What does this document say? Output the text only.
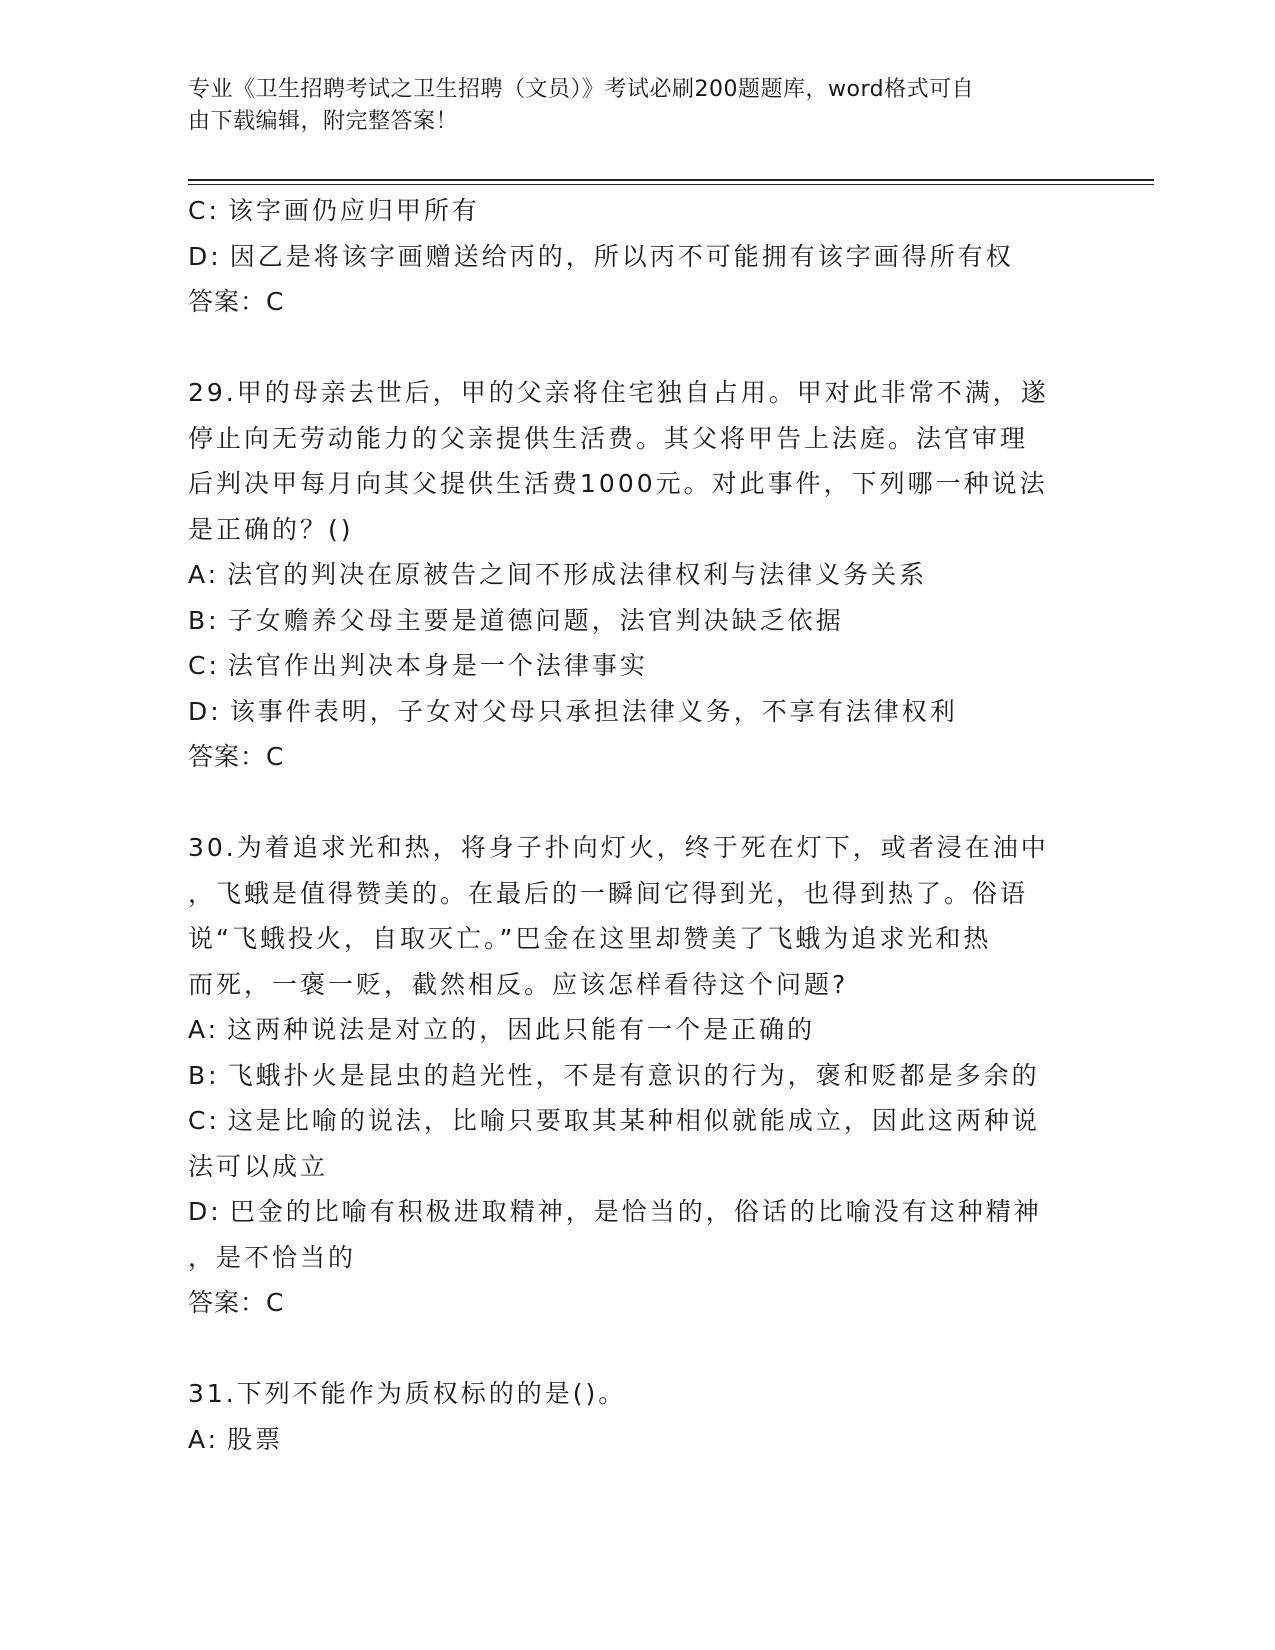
专业《卫生招聘考试之卫生招聘（文员）》考试必刷200题题库，word格式可自
由下载编辑，附完整答案！
C: 该字画仍应归甲所有
D: 因乙是将该字画赠送给丙的，所以丙不可能拥有该字画得所有权
答案：C
29.甲的母亲去世后，甲的父亲将住宅独自占用。甲对此非常不满，遂
停止向无劳动能力的父亲提供生活费。其父将甲告上法庭。法官审理
后判决甲每月向其父提供生活费1000元。对此事件，下列哪一种说法
是正确的？()
A: 法官的判决在原被告之间不形成法律权利与法律义务关系
B: 子女赡养父母主要是道德问题，法官判决缺乏依据
C: 法官作出判决本身是一个法律事实
D: 该事件表明，子女对父母只承担法律义务，不享有法律权利
答案：C
30.为着追求光和热，将身子扑向灯火，终于死在灯下，或者浸在油中
，飞蛾是值得赞美的。在最后的一瞬间它得到光，也得到热了。俗语
说“飞蛾投火，自取灭亡。”巴金在这里却赞美了飞蛾为追求光和热
而死，一褒一贬，截然相反。应该怎样看待这个问题?
A: 这两种说法是对立的，因此只能有一个是正确的
B: 飞蛾扑火是昆虫的趋光性，不是有意识的行为，褒和贬都是多余的
C: 这是比喻的说法，比喻只要取其某种相似就能成立，因此这两种说
法可以成立
D: 巴金的比喻有积极进取精神，是恰当的，俗话的比喻没有这种精神
，是不恰当的
答案：C
31.下列不能作为质权标的的是()。
A: 股票
